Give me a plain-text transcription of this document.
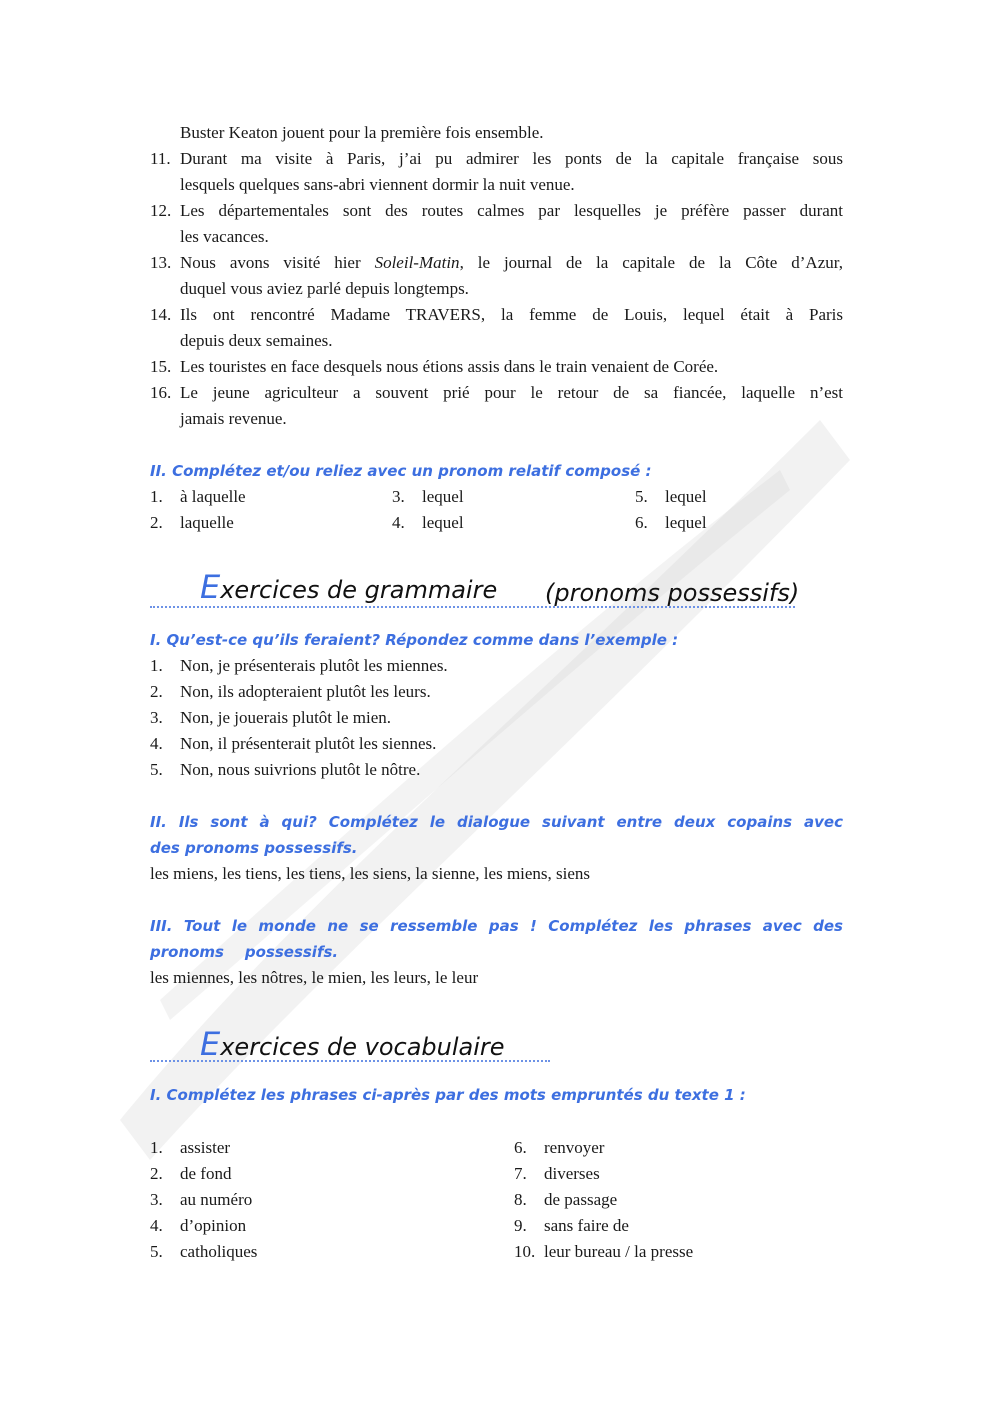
Buster Keaton jouent pour la première fois ensemble.
11. Durant ma visite à Paris, j’ai pu admirer les ponts de la capitale française sous
lesquels quelques sans-abri viennent dormir la nuit venue.
12. Les départementales sont des routes calmes par lesquelles je préfère passer durant
les vacances.
13. Nous avons visité hier Soleil-Matin, le journal de la capitale de la Côte d’Azur,
duquel vous aviez parlé depuis longtemps.
14. Ils ont rencontré Madame TRAVERS, la femme de Louis, lequel était à Paris
depuis deux semaines.
15. Les touristes en face desquels nous étions assis dans le train venaient de Corée.
16. Le jeune agriculteur a souvent prié pour le retour de sa fiancée, laquelle n’est
jamais revenue.
II. Complétez et/ou reliez avec un pronom relatif composé :
1. à laquelle
2. laquelle
3. lequel
4. lequel
5. lequel
6. lequel
Exercices de grammaire (pronoms possessifs)
I. Qu’est-ce qu’ils feraient? Répondez comme dans l’exemple :
1. Non, je présenterais plutôt les miennes.
2. Non, ils adopteraient plutôt les leurs.
3. Non, je jouerais plutôt le mien.
4. Non, il présenterait plutôt les siennes.
5. Non, nous suivrions plutôt le nôtre.
II. Ils sont à qui? Complétez le dialogue suivant entre deux copains avec
des pronoms possessifs.
les miens, les tiens, les tiens, les siens, la sienne, les miens, siens
III. Tout le monde ne se ressemble pas ! Complétez les phrases avec des
pronoms    possessifs.
les miennes, les nôtres, le mien, les leurs, le leur
Exercices de vocabulaire
I. Complétez les phrases ci-après par des mots empruntés du texte 1 :
1. assister
2. de fond
3. au numéro
4. d’opinion
5. catholiques
6. renvoyer
7. diverses
8. de passage
9. sans faire de
10. leur bureau / la presse
